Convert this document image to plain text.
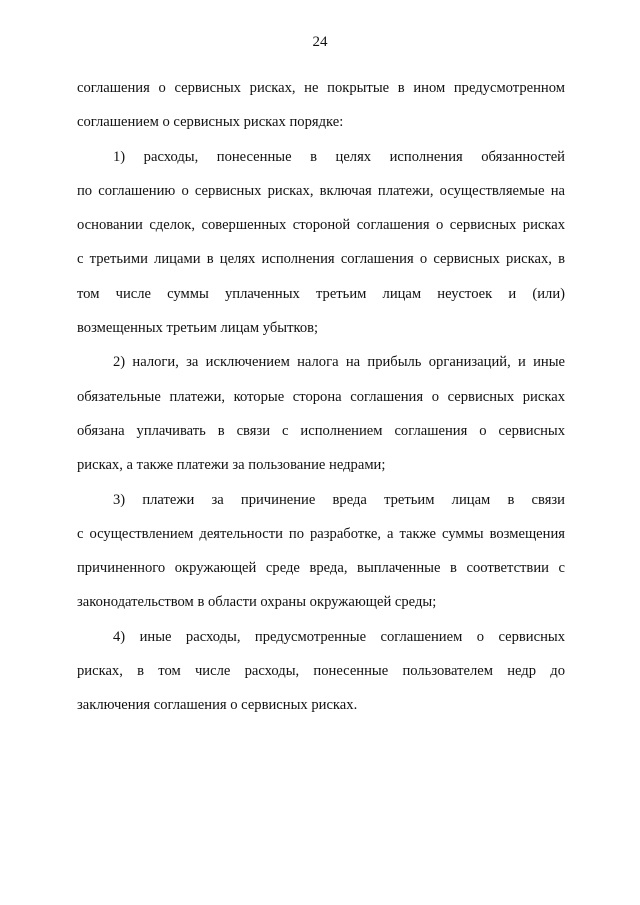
24
соглашения о сервисных рисках, не покрытые в ином предусмотренном
соглашением о сервисных рисках порядке:
1) расходы, понесенные в целях исполнения обязанностей
по соглашению о сервисных рисках, включая платежи, осуществляемые на
основании сделок, совершенных стороной соглашения о сервисных рисках
с третьими лицами в целях исполнения соглашения о сервисных рисках, в
том числе суммы уплаченных третьим лицам неустоек и (или)
возмещенных третьим лицам убытков;
2) налоги, за исключением налога на прибыль организаций, и иные
обязательные платежи, которые сторона соглашения о сервисных рисках
обязана уплачивать в связи с исполнением соглашения о сервисных
рисках, а также платежи за пользование недрами;
3) платежи за причинение вреда третьим лицам в связи
с осуществлением деятельности по разработке, а также суммы возмещения
причиненного окружающей среде вреда, выплаченные в соответствии с
законодательством в области охраны окружающей среды;
4) иные расходы, предусмотренные соглашением о сервисных
рисках, в том числе расходы, понесенные пользователем недр до
заключения соглашения о сервисных рисках.
